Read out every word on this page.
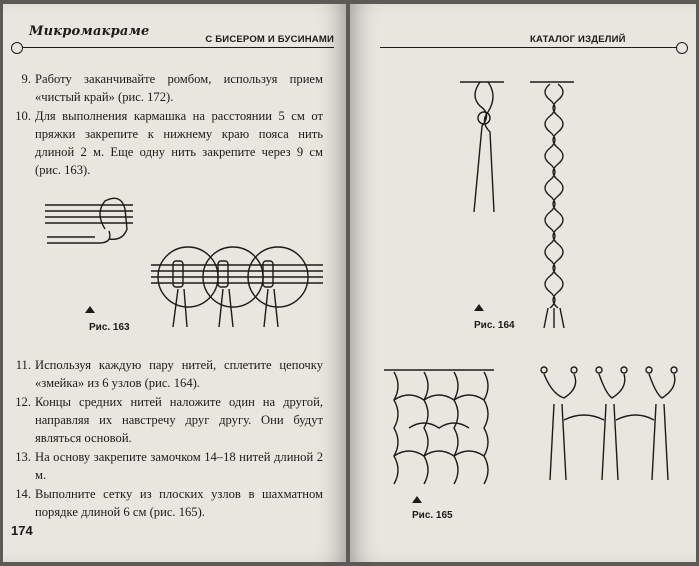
Микромакраме
С БИСЕРОМ И БУСИНАМИ
9. Работу заканчивайте ромбом, используя прием «чистый край» (рис. 172).
10. Для выполнения кармашка на расстоянии 5 см от пряжки закрепите к нижнему краю пояса нить длиной 2 м. Еще одну нить закрепите через 9 см (рис. 163).
Рис. 163
11. Используя каждую пару нитей, сплетите цепочку «змейка» из 6 узлов (рис. 164).
12. Концы средних нитей наложите один на другой, направляя их навстречу друг другу. Они будут являться основой.
13. На основу закрепите замочком 14–18 нитей длиной 2 м.
14. Выполните сетку из плоских узлов в шахматном порядке длиной 6 см (рис. 165).
174
КАТАЛОГ ИЗДЕЛИЙ
Рис. 164
Рис. 165
